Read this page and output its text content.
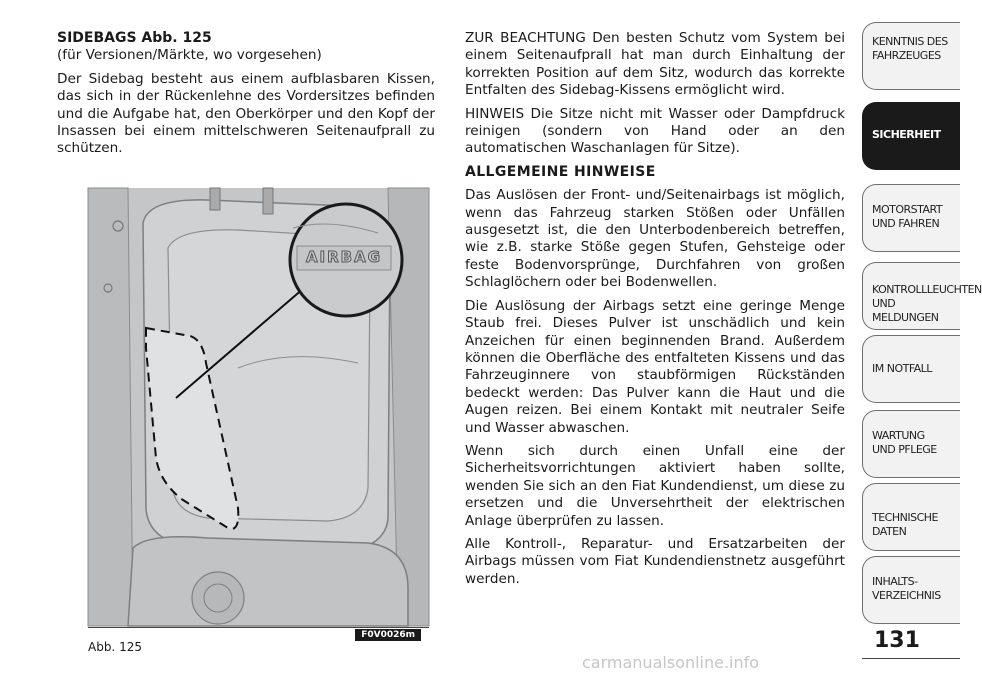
SIDEBAGS Abb. 125

(für Versionen/Märkte, wo vorgesehen)

Der Sidebag besteht aus einem aufblasbaren Kissen, das sich in der Rückenlehne des Vordersitzes befinden und die Aufgabe hat, den Oberkörper und den Kopf der Insassen bei einem mittelschweren Seitenaufprall zu schützen.

AIRBAG
Abb. 125
F0V0026m

ZUR BEACHTUNG Den besten Schutz vom System bei einem Seitenaufprall hat man durch Einhaltung der korrekten Position auf dem Sitz, wodurch das korrekte Entfalten des Sidebag-Kissens ermöglicht wird.

HINWEIS Die Sitze nicht mit Wasser oder Dampfdruck reinigen (sondern von Hand oder an den automatischen Waschanlagen für Sitze).

ALLGEMEINE HINWEISE

Das Auslösen der Front- und/Seitenairbags ist möglich, wenn das Fahrzeug starken Stößen oder Unfällen ausgesetzt ist, die den Unterbodenbereich betreffen, wie z.B. starke Stöße gegen Stufen, Gehsteige oder feste Bodenvorsprünge, Durchfahren von großen Schlaglöchern oder bei Bodenwellen.

Die Auslösung der Airbags setzt eine geringe Menge Staub frei. Dieses Pulver ist unschädlich und kein Anzeichen für einen beginnenden Brand. Außerdem können die Oberfläche des entfalteten Kissens und das Fahrzeuginnere von staubförmigen Rückständen bedeckt werden: Das Pulver kann die Haut und die Augen reizen. Bei einem Kontakt mit neutraler Seife und Wasser abwaschen.

Wenn sich durch einen Unfall eine der Sicherheitsvorrichtungen aktiviert haben sollte, wenden Sie sich an den Fiat Kundendienst, um diese zu ersetzen und die Unversehrtheit der elektrischen Anlage überprüfen zu lassen.

Alle Kontroll-, Reparatur- und Ersatzarbeiten der Airbags müssen vom Fiat Kundendienstnetz ausgeführt werden.

KENNTNIS DES
FAHRZEUGES
SICHERHEIT
MOTORSTART
UND FAHREN
KONTROLLLEUCHTEN
UND MELDUNGEN
IM NOTFALL
WARTUNG
UND PFLEGE
TECHNISCHE DATEN
INHALTS-
VERZEICHNIS
131
carmanualsonline.info
